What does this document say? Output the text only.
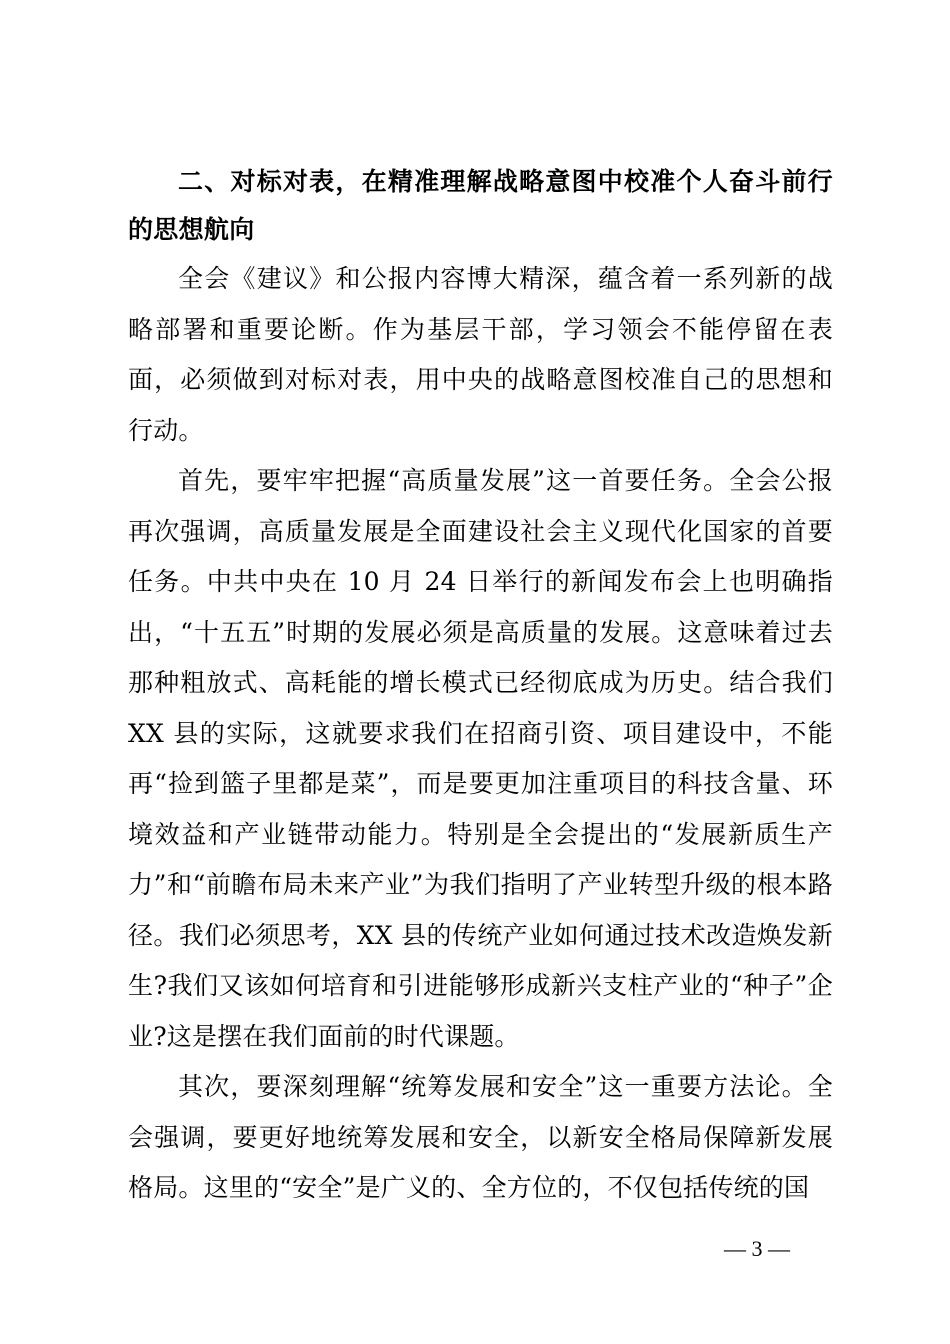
二、对标对表，在精准理解战略意图中校准个人奋斗前行的思想航向

全会《建议》和公报内容博大精深，蕴含着一系列新的战略部署和重要论断。作为基层干部，学习领会不能停留在表面，必须做到对标对表，用中央的战略意图校准自己的思想和行动。

首先，要牢牢把握“高质量发展”这一首要任务。全会公报再次强调，高质量发展是全面建设社会主义现代化国家的首要任务。中共中央在 10 月 24 日举行的新闻发布会上也明确指出，“十五五”时期的发展必须是高质量的发展。这意味着过去那种粗放式、高耗能的增长模式已经彻底成为历史。结合我们 XX 县的实际，这就要求我们在招商引资、项目建设中，不能再“捡到篮子里都是菜”，而是要更加注重项目的科技含量、环境效益和产业链带动能力。特别是全会提出的“发展新质生产力”和“前瞻布局未来产业”为我们指明了产业转型升级的根本路径。我们必须思考，XX 县的传统产业如何通过技术改造焕发新生?我们又该如何培育和引进能够形成新兴支柱产业的“种子”企业?这是摆在我们面前的时代课题。

其次，要深刻理解“统筹发展和安全”这一重要方法论。全会强调，要更好地统筹发展和安全，以新安全格局保障新发展格局。这里的“安全”是广义的、全方位的，不仅包括传统的国

— 3 —
